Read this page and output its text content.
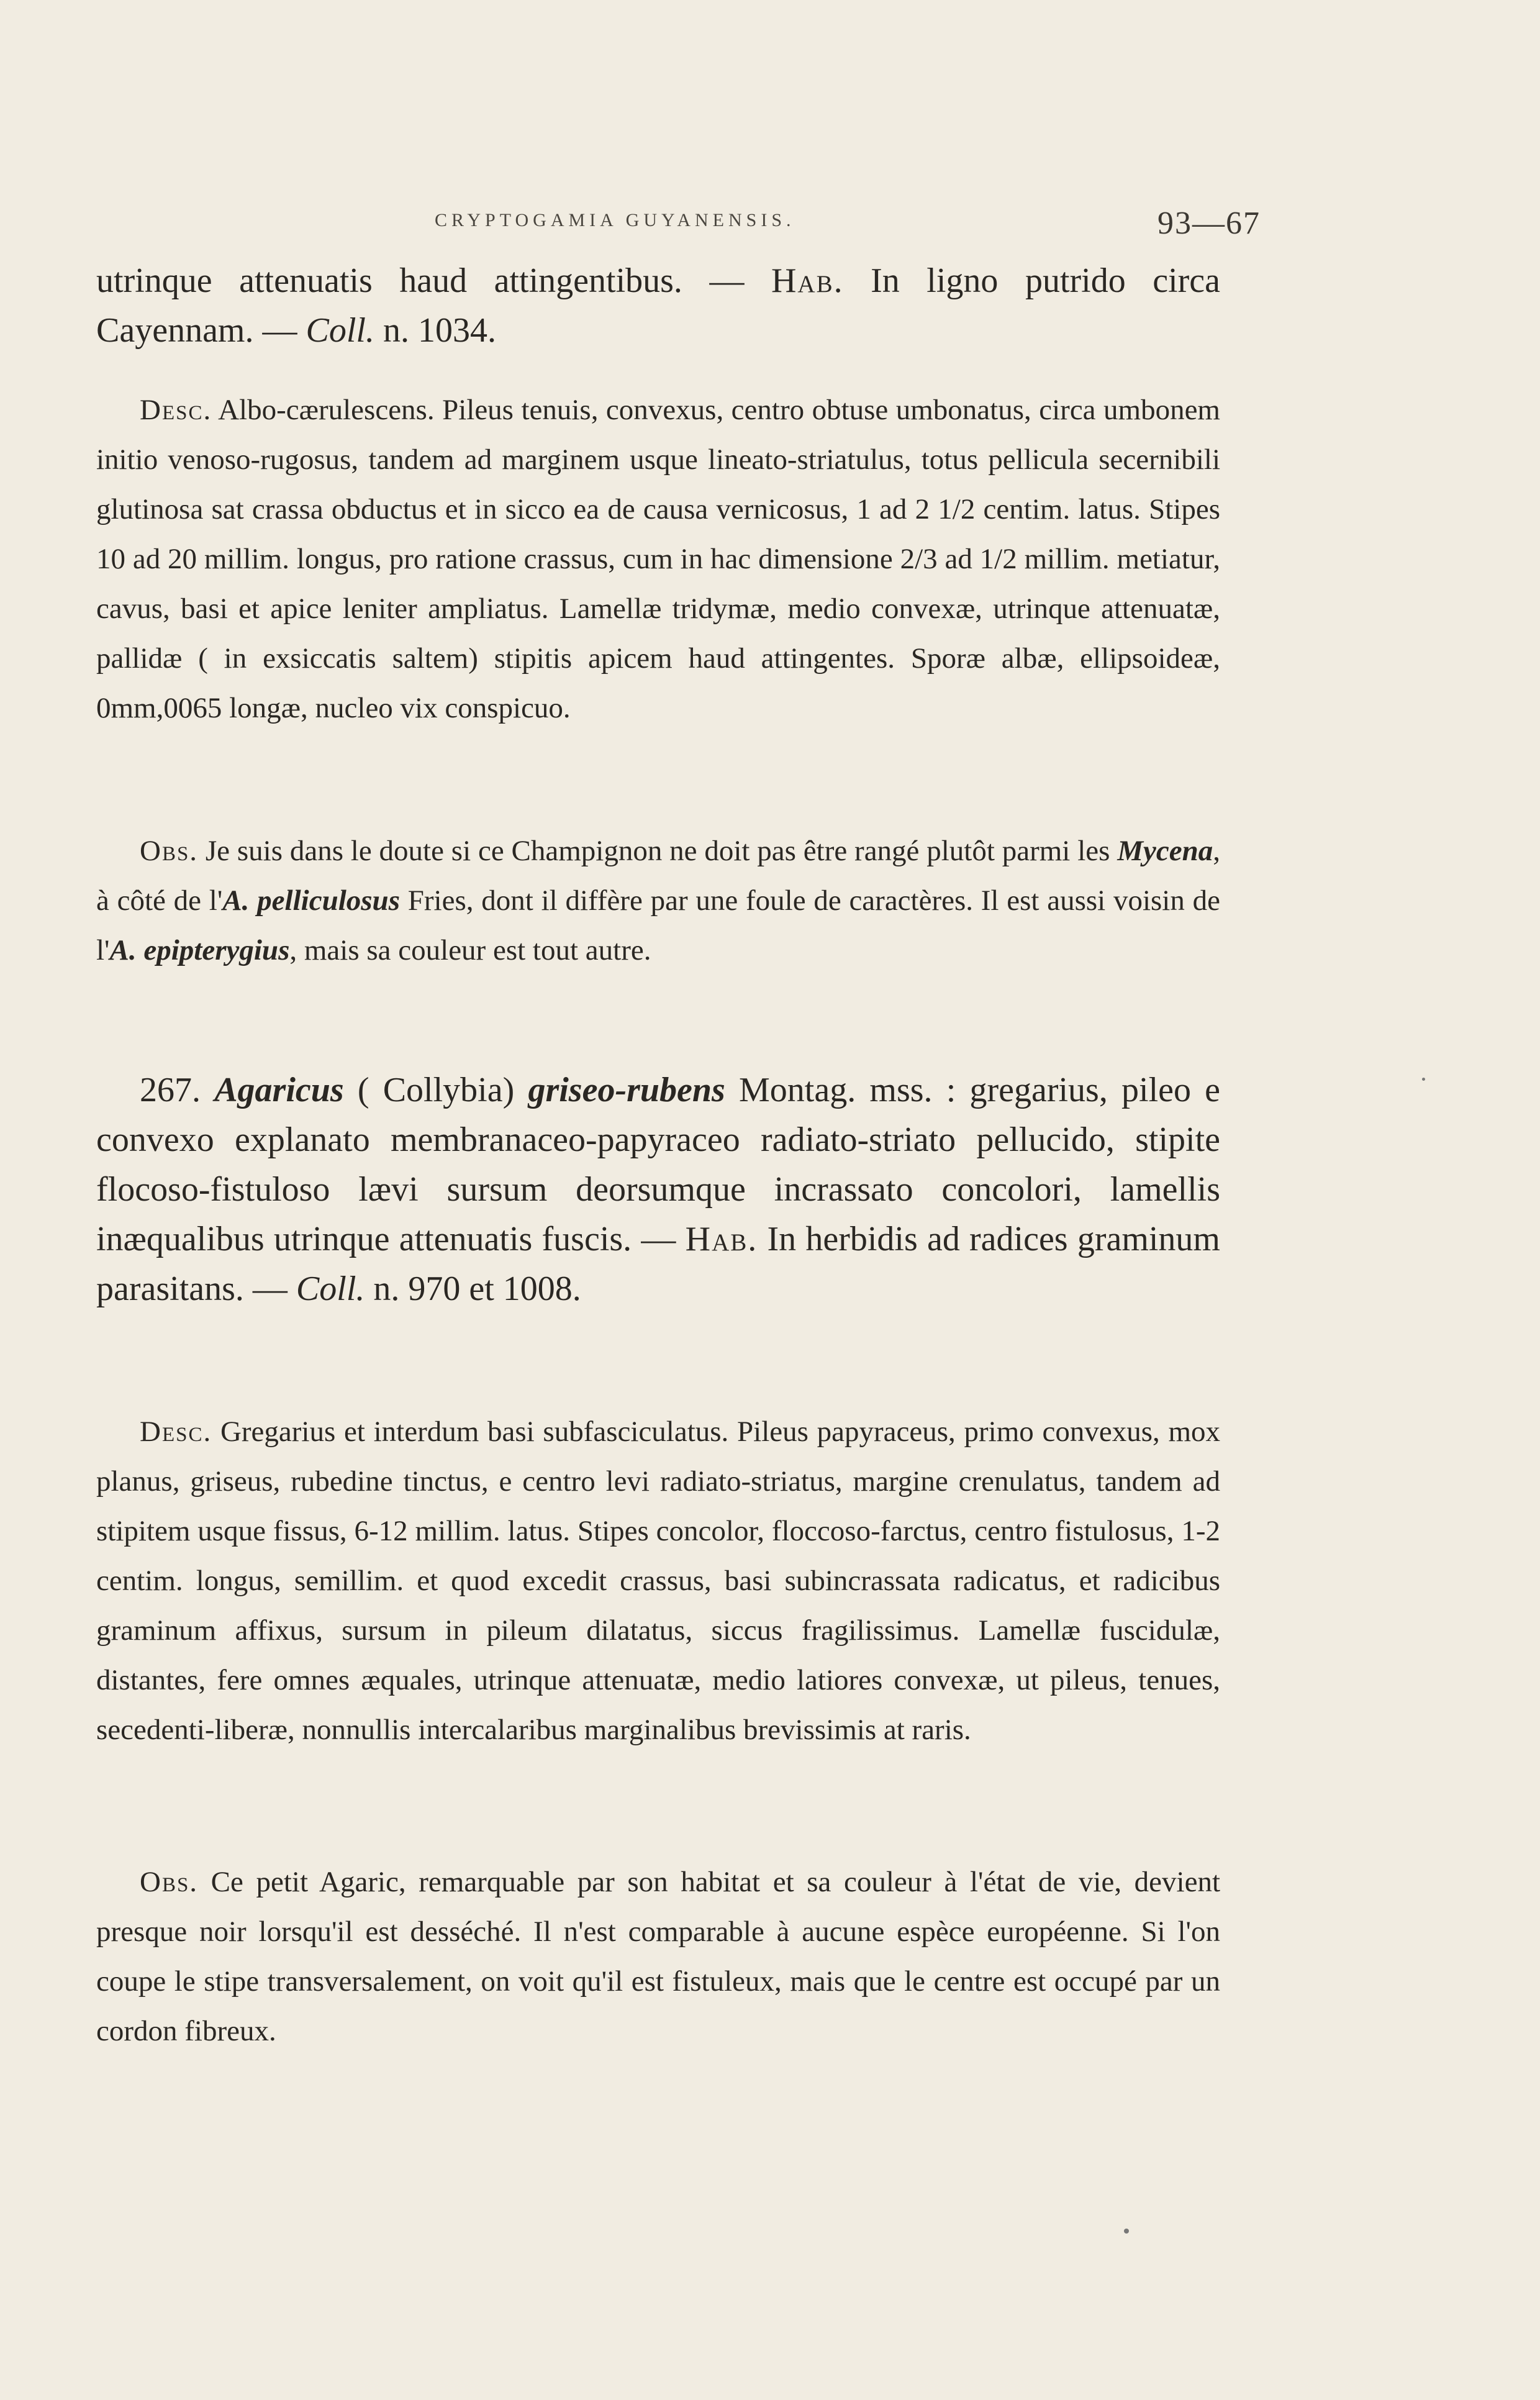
CRYPTOGAMIA GUYANENSIS.	93—67

utrinque attenuatis haud attingentibus. — Hab. In ligno putrido circa Cayennam. — Coll. n. 1034.

Desc. Albo-cærulescens. Pileus tenuis, convexus, centro obtuse umbonatus, circa umbonem initio venoso-rugosus, tandem ad marginem usque lineato-striatulus, totus pellicula secernibili glutinosa sat crassa obductus et in sicco ea de causa vernicosus, 1 ad 2 1/2 centim. latus. Stipes 10 ad 20 millim. longus, pro ratione crassus, cum in hac dimensione 2/3 ad 1/2 millim. metiatur, cavus, basi et apice leniter ampliatus. Lamellæ tridymæ, medio convexæ, utrinque attenuatæ, pallidæ ( in exsiccatis saltem) stipitis apicem haud attingentes. Sporæ albæ, ellipsoideæ, 0mm,0065 longæ, nucleo vix conspicuo.

Obs. Je suis dans le doute si ce Champignon ne doit pas être rangé plutôt parmi les Mycena, à côté de l'A. pelliculosus Fries, dont il diffère par une foule de caractères. Il est aussi voisin de l'A. epipterygius, mais sa couleur est tout autre.

267. Agaricus ( Collybia) griseo-rubens Montag. mss. : gregarius, pileo e convexo explanato membranaceo-papyraceo radiato-striato pellucido, stipite flocoso-fistuloso lævi sursum deorsumque incrassato concolori, lamellis inæqualibus utrinque attenuatis fuscis. — Hab. In herbidis ad radices graminum parasitans. — Coll. n. 970 et 1008.

Desc. Gregarius et interdum basi subfasciculatus. Pileus papyraceus, primo convexus, mox planus, griseus, rubedine tinctus, e centro levi radiato-striatus, margine crenulatus, tandem ad stipitem usque fissus, 6-12 millim. latus. Stipes concolor, floccoso-farctus, centro fistulosus, 1-2 centim. longus, semillim. et quod excedit crassus, basi subincrassata radicatus, et radicibus graminum affixus, sursum in pileum dilatatus, siccus fragilissimus. Lamellæ fuscidulæ, distantes, fere omnes æquales, utrinque attenuatæ, medio latiores convexæ, ut pileus, tenues, secedenti-liberæ, nonnullis intercalaribus marginalibus brevissimis at raris.

Obs. Ce petit Agaric, remarquable par son habitat et sa couleur à l'état de vie, devient presque noir lorsqu'il est desséché. Il n'est comparable à aucune espèce européenne. Si l'on coupe le stipe transversalement, on voit qu'il est fistuleux, mais que le centre est occupé par un cordon fibreux.
